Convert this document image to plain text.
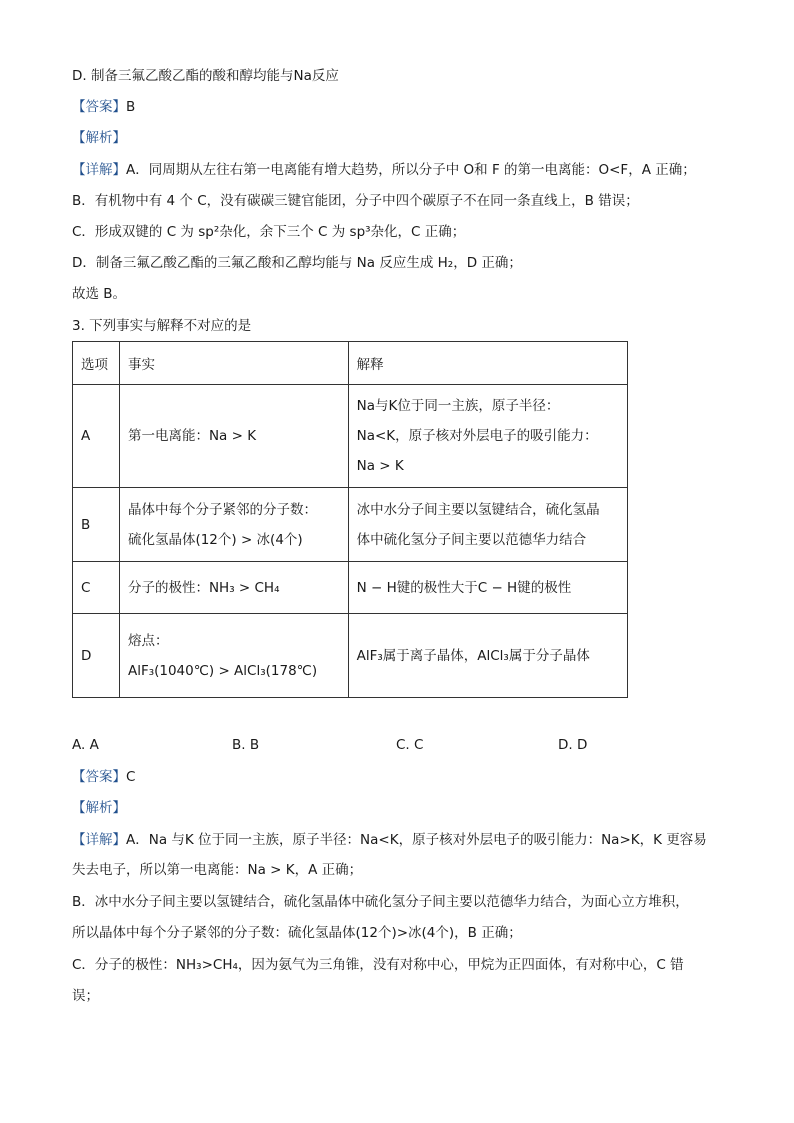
D. 制备三氟乙酸乙酯的酸和醇均能与Na反应
【答案】B
【解析】
【详解】A．同周期从左往右第一电离能有增大趋势，所以分子中 O和 F 的第一电离能：O<F，A 正确；
B．有机物中有 4 个 C，没有碳碳三键官能团，分子中四个碳原子不在同一条直线上，B 错误；
C．形成双键的 C 为 sp²杂化，余下三个 C 为 sp³杂化，C 正确；
D．制备三氟乙酸乙酯的三氟乙酸和乙醇均能与 Na 反应生成 H₂，D 正确；
故选 B。
3. 下列事实与解释不对应的是
选项	事实	解释
A	第一电离能：Na > K	Na与K位于同一主族，原子半径：
Na<K，原子核对外层电子的吸引能力：
Na > K

B	晶体中每个分子紧邻的分子数：
硫化氢晶体(12个) > 冰(4个)	冰中水分子间主要以氢键结合，硫化氢晶
体中硫化氢分子间主要以范德华力结合

C	分子的极性：NH₃ > CH₄	N − H键的极性大于C − H键的极性

D	熔点：
AlF₃(1040℃) > AlCl₃(178℃)	AlF₃属于离子晶体，AlCl₃属于分子晶体
A. A	B. B	C. C	D. D
【答案】C
【解析】
【详解】A．Na 与K 位于同一主族，原子半径：Na<K，原子核对外层电子的吸引能力：Na>K，K 更容易
失去电子，所以第一电离能：Na > K，A 正确；
B．冰中水分子间主要以氢键结合，硫化氢晶体中硫化氢分子间主要以范德华力结合，为面心立方堆积，
所以晶体中每个分子紧邻的分子数：硫化氢晶体(12个)>冰(4个)，B 正确；
C．分子的极性：NH₃>CH₄，因为氨气为三角锥，没有对称中心，甲烷为正四面体，有对称中心，C 错
误；
